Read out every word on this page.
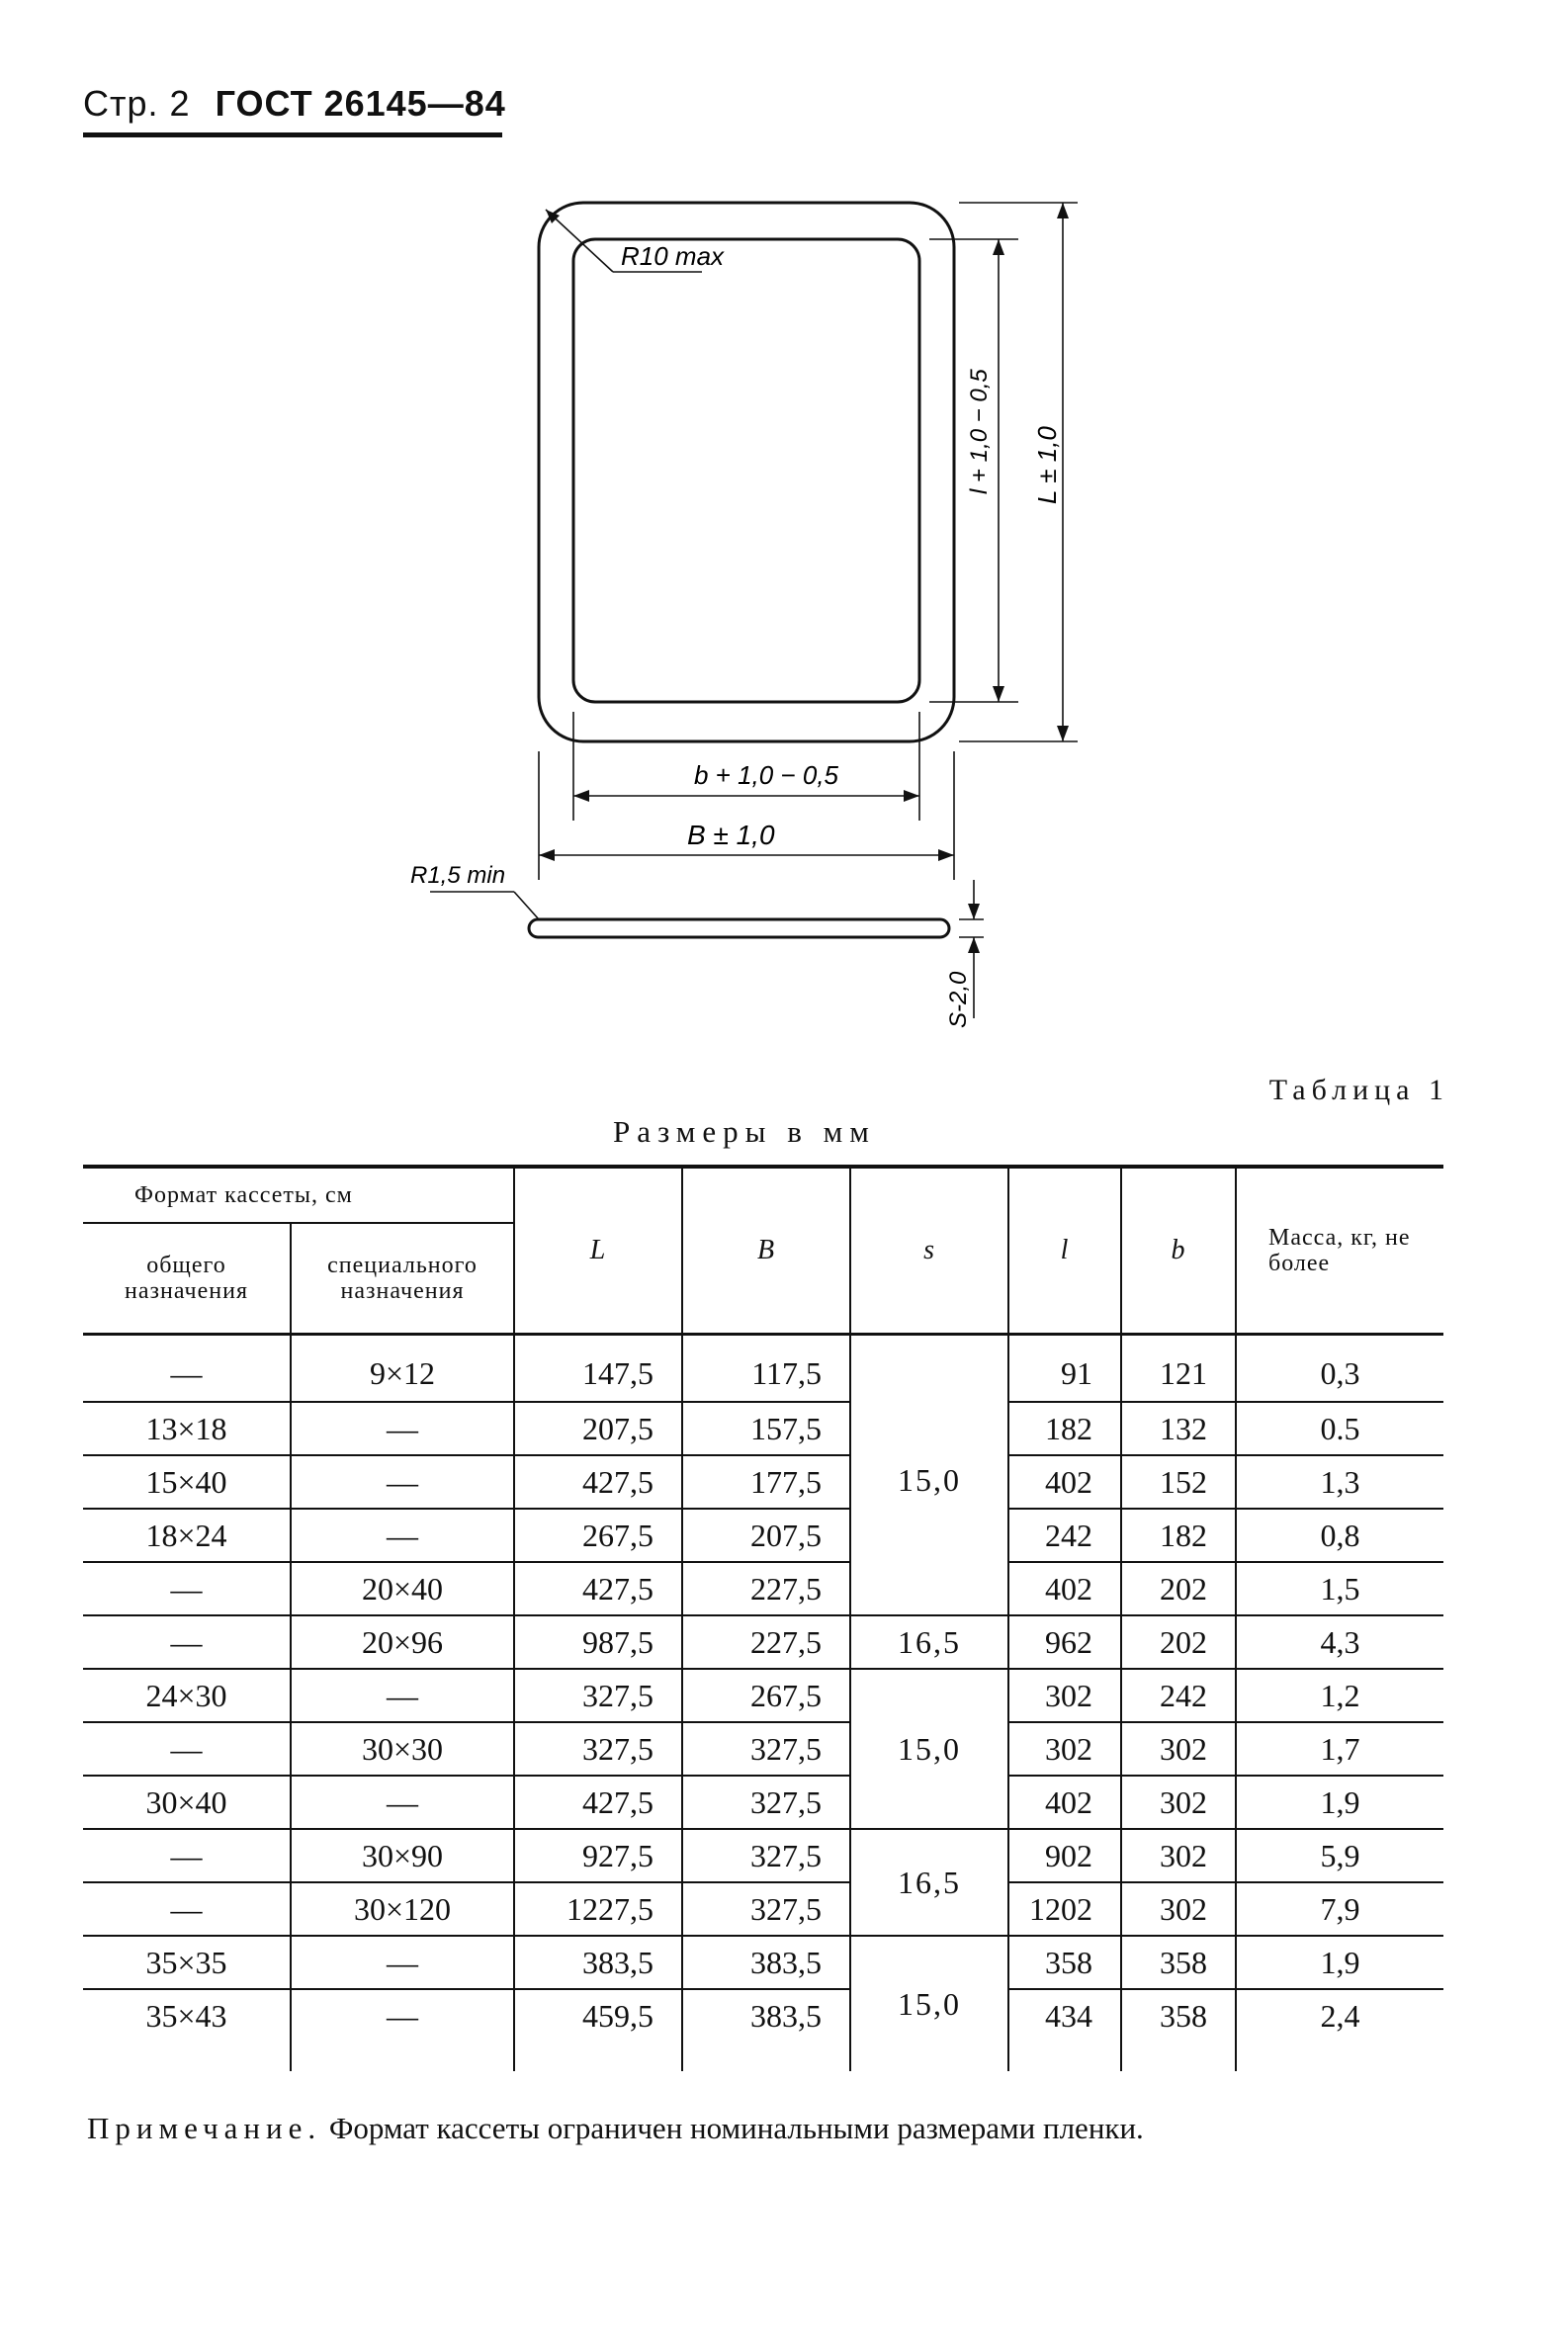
Стр. 2 ГОСТ 26145—84
R10 max
b + 1,0 − 0,5
B ± 1,0
R1,5 min
l + 1,0 − 0,5 L ± 1,0
S-2,0
Таблица 1
Размеры в мм
Формат кассеты, см		L	B	s	l	b	Масса, кг, не более
общего назначения	специального назначения						
—	9×12	147,5	117,5	15,0	91	121	0,3
13×18	—	207,5	157,5		182	132	0.5
15×40	—	427,5	177,5		402	152	1,3
18×24	—	267,5	207,5		242	182	0,8
—	20×40	427,5	227,5		402	202	1,5
—	20×96	987,5	227,5	16,5	962	202	4,3
24×30	—	327,5	267,5	15,0	302	242	1,2
—	30×30	327,5	327,5		302	302	1,7
30×40	—	427,5	327,5		402	302	1,9
—	30×90	927,5	327,5	16,5	902	302	5,9
—	30×120	1227,5	327,5		1202	302	7,9
35×35	—	383,5	383,5	15,0	358	358	1,9
35×43	—	459,5	383,5		434	358	2,4
Примечание. Формат кассеты ограничен номинальными размерами пленки.
